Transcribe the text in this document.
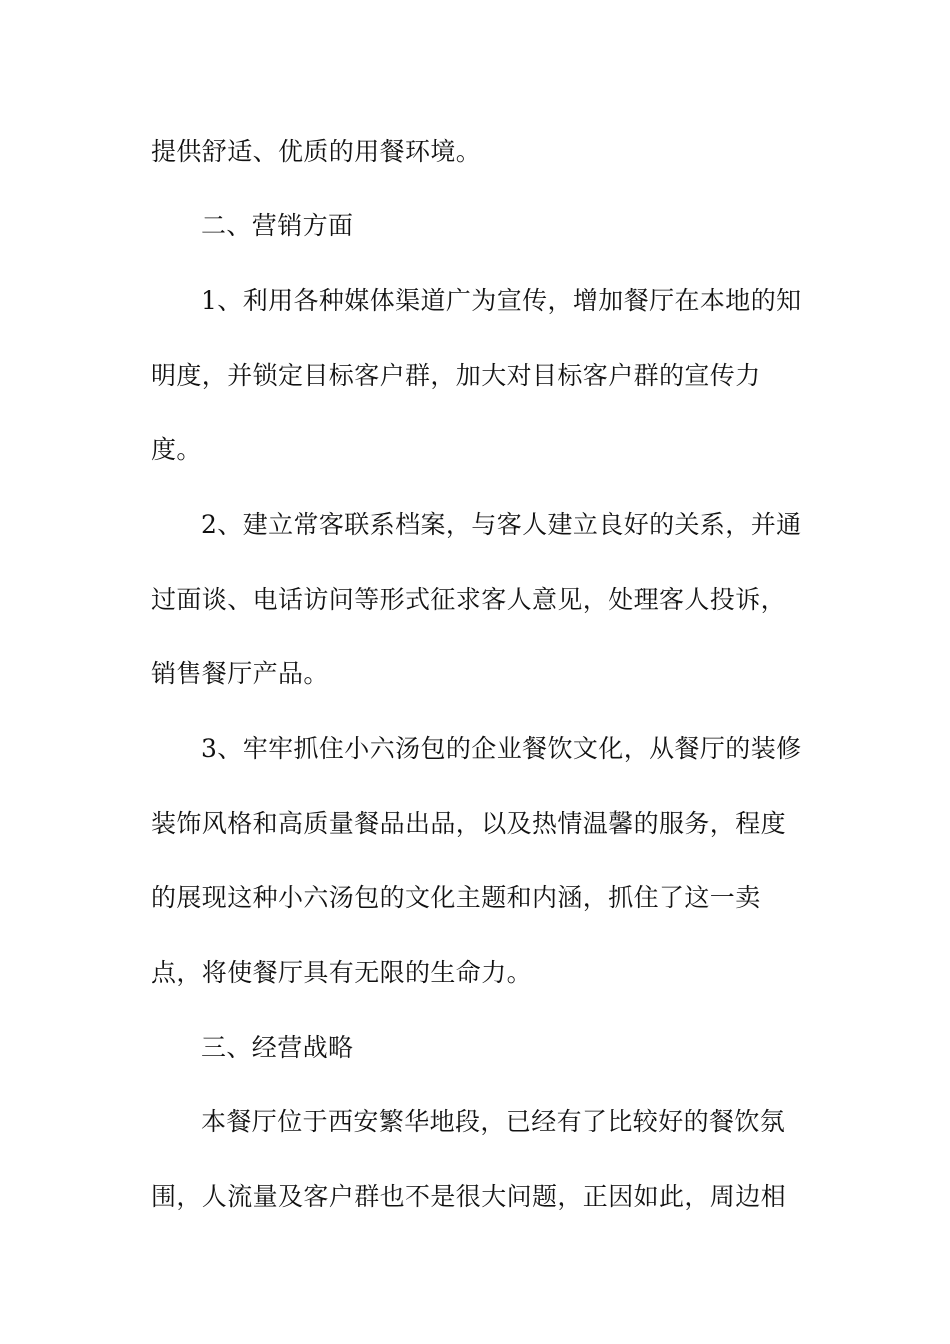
提供舒适、优质的用餐环境。
二、营销方面
1、利用各种媒体渠道广为宣传，增加餐厅在本地的知
明度，并锁定目标客户群，加大对目标客户群的宣传力
度。
2、建立常客联系档案，与客人建立良好的关系，并通
过面谈、电话访问等形式征求客人意见，处理客人投诉，
销售餐厅产品。
3、牢牢抓住小六汤包的企业餐饮文化，从餐厅的装修
装饰风格和高质量餐品出品，以及热情温馨的服务，程度
的展现这种小六汤包的文化主题和内涵，抓住了这一卖
点，将使餐厅具有无限的生命力。
三、经营战略
本餐厅位于西安繁华地段，已经有了比较好的餐饮氛
围，人流量及客户群也不是很大问题，正因如此，周边相
